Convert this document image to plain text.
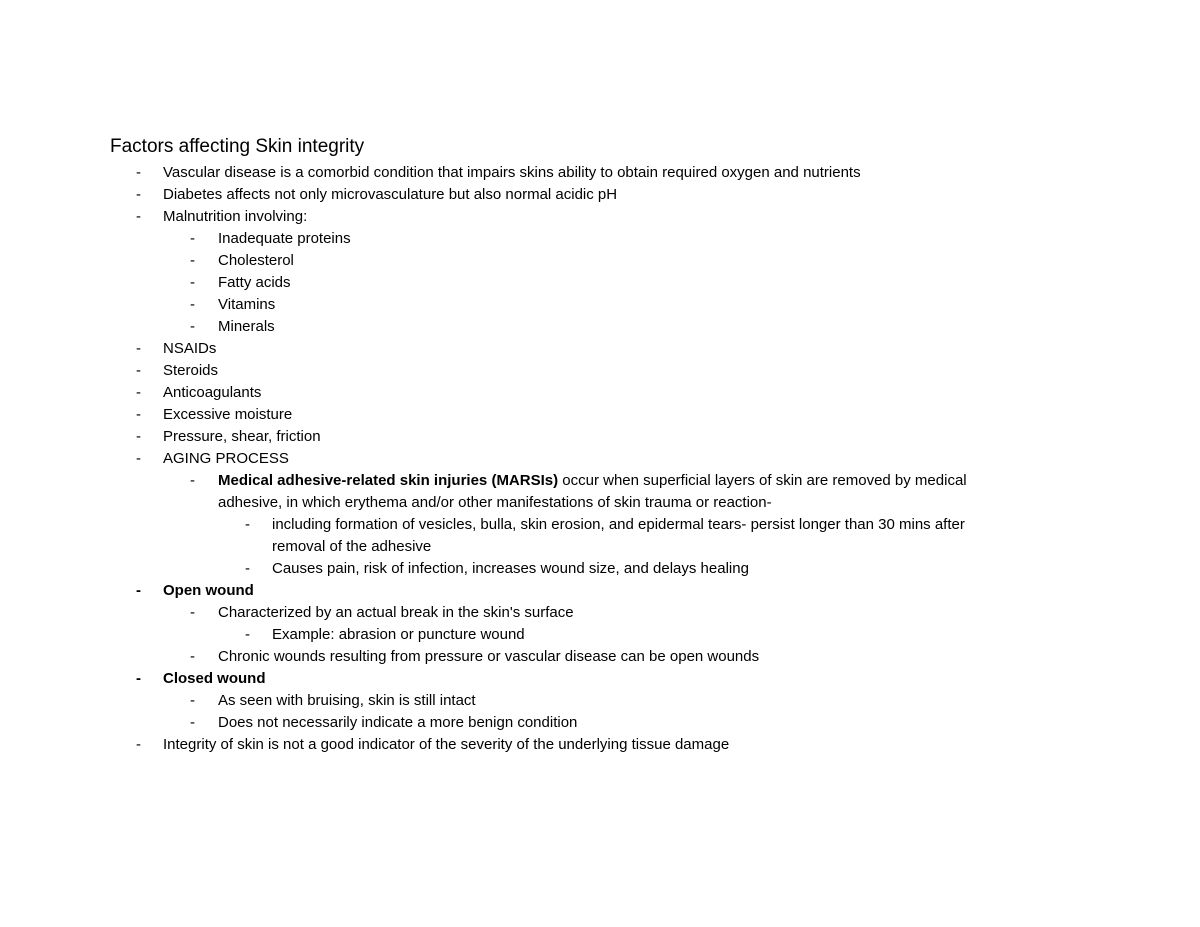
Factors affecting Skin integrity
- Vascular disease is a comorbid condition that impairs skins ability to obtain required oxygen and nutrients
- Diabetes affects not only microvasculature but also normal acidic pH
- Malnutrition involving:
- Inadequate proteins
- Cholesterol
- Fatty acids
- Vitamins
- Minerals
- NSAIDs
- Steroids
- Anticoagulants
- Excessive moisture
- Pressure, shear, friction
- AGING PROCESS
- Medical adhesive-related skin injuries (MARSIs) occur when superficial layers of skin are removed by medical
adhesive, in which erythema and/or other manifestations of skin trauma or reaction-
- including formation of vesicles, bulla, skin erosion, and epidermal tears- persist longer than 30 mins after
removal of the adhesive
- Causes pain, risk of infection, increases wound size, and delays healing
- Open wound
- Characterized by an actual break in the skin's surface
- Example: abrasion or puncture wound
- Chronic wounds resulting from pressure or vascular disease can be open wounds
- Closed wound
- As seen with bruising, skin is still intact
- Does not necessarily indicate a more benign condition
- Integrity of skin is not a good indicator of the severity of the underlying tissue damage
